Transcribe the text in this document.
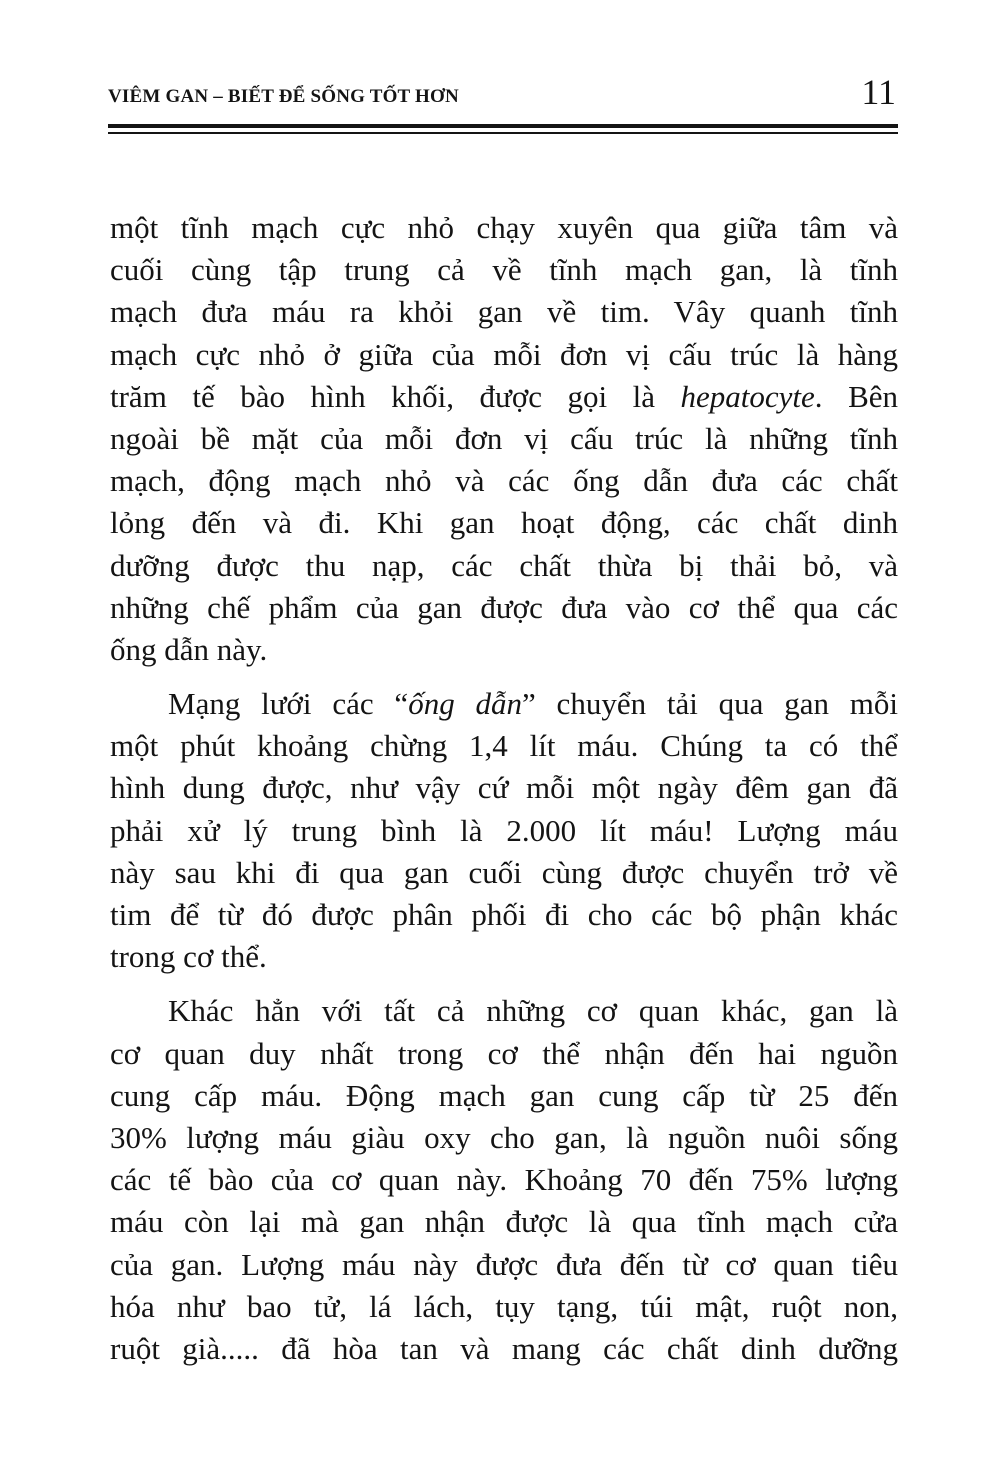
VIÊM GAN – BIẾT ĐỂ SỐNG TỐT HƠN	11
một tĩnh mạch cực nhỏ chạy xuyên qua giữa tâm và
cuối cùng tập trung cả về tĩnh mạch gan, là tĩnh
mạch đưa máu ra khỏi gan về tim. Vây quanh tĩnh
mạch cực nhỏ ở giữa của mỗi đơn vị cấu trúc là hàng
trăm tế bào hình khối, được gọi là hepatocyte. Bên
ngoài bề mặt của mỗi đơn vị cấu trúc là những tĩnh
mạch, động mạch nhỏ và các ống dẫn đưa các chất
lỏng đến và đi. Khi gan hoạt động, các chất dinh
dưỡng được thu nạp, các chất thừa bị thải bỏ, và
những chế phẩm của gan được đưa vào cơ thể qua các
ống dẫn này.
Mạng lưới các “ống dẫn” chuyển tải qua gan mỗi
một phút khoảng chừng 1,4 lít máu. Chúng ta có thể
hình dung được, như vậy cứ mỗi một ngày đêm gan đã
phải xử lý trung bình là 2.000 lít máu! Lượng máu
này sau khi đi qua gan cuối cùng được chuyển trở về
tim để từ đó được phân phối đi cho các bộ phận khác
trong cơ thể.
Khác hẳn với tất cả những cơ quan khác, gan là
cơ quan duy nhất trong cơ thể nhận đến hai nguồn
cung cấp máu. Động mạch gan cung cấp từ 25 đến
30% lượng máu giàu oxy cho gan, là nguồn nuôi sống
các tế bào của cơ quan này. Khoảng 70 đến 75% lượng
máu còn lại mà gan nhận được là qua tĩnh mạch cửa
của gan. Lượng máu này được đưa đến từ cơ quan tiêu
hóa như bao tử, lá lách, tụy tạng, túi mật, ruột non,
ruột già..... đã hòa tan và mang các chất dinh dưỡng
